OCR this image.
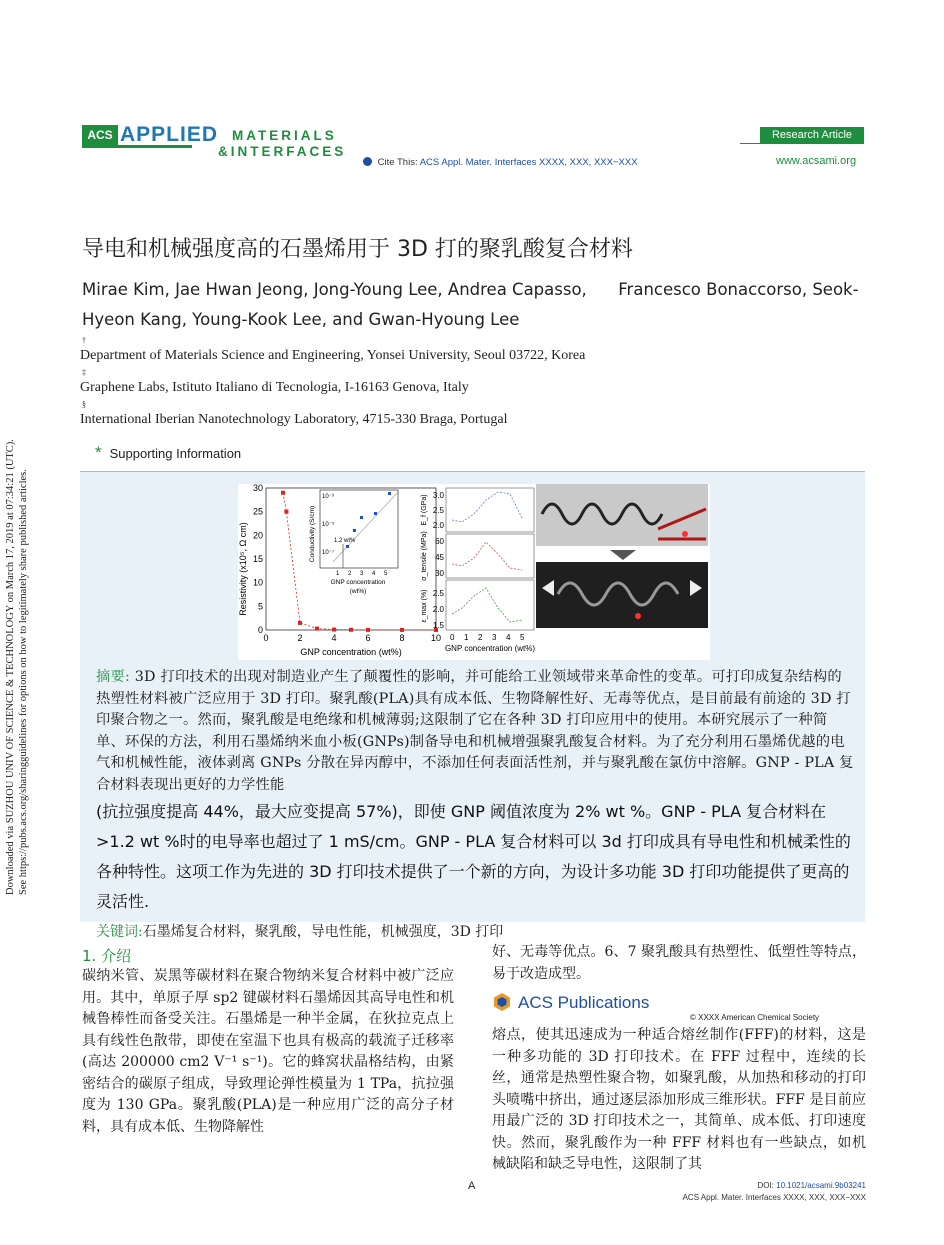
Downloaded via SUZHOU UNIV OF SCIENCE & TECHNOLOGY on March 17, 2019 at 07:34:21 (UTC). See https://pubs.acs.org/sharingguidelines for options on how to legitimately share published articles.
ACS APPLIED MATERIALS
&INTERFACES
Research Article
www.acsami.org
Cite This: ACS Appl. Mater. Interfaces XXXX, XXX, XXX−XXX
导电和机械强度高的石墨烯用于 3D 打的聚乳酸复合材料
Mirae Kim, Jae Hwan Jeong, Jong-Young Lee, Andrea Capasso,      Francesco Bonaccorso, Seok-
Hyeon Kang, Young-Kook Lee, and Gwan-Hyoung Lee
†
Department of Materials Science and Engineering, Yonsei University, Seoul 03722, Korea
‡
Graphene Labs, Istituto Italiano di Tecnologia, I-16163 Genova, Italy
§
International Iberian Nanotechnology Laboratory, 4715-330 Braga, Portugal
* Supporting Information
30
25
20
15
10
5
0
0	2	4	6	8	10
Resistivity (x10⁵, Ω cm)
GNP concentration (wt%)
Conductivity (S/cm)
10⁻³
10⁻⁵
10⁻⁷
1.2 wt%
1 2 3 4 5
GNP concentration
(wt%)
E_f (GPa)
σ_tensile (MPa)
ε_max (%)
3.0
2.5
2.0
60
45
30
2.5
2.0
1.5
0 1 2 3 4 5
GNP concentration (wt%)
摘要: 3D 打印技术的出现对制造业产生了颠覆性的影响，并可能给工业领域带来革命性的变革。可打印成复杂结构的热塑性材料被广泛应用于 3D 打印。聚乳酸(PLA)具有成本低、生物降解性好、无毒等优点，是目前最有前途的 3D 打印聚合物之一。然而，聚乳酸是电绝缘和机械薄弱;这限制了它在各种 3D 打印应用中的使用。本研究展示了一种简单、环保的方法，利用石墨烯纳米血小板(GNPs)制备导电和机械增强聚乳酸复合材料。为了充分利用石墨烯优越的电气和机械性能，液体剥离 GNPs 分散在异丙醇中，不添加任何表面活性剂，并与聚乳酸在氯仿中溶解。GNP - PLA 复合材料表现出更好的力学性能
(抗拉强度提高 44%，最大应变提高 57%)，即使 GNP 阈值浓度为 2% wt %。GNP - PLA 复合材料在>1.2 wt %时的电导率也超过了 1 mS/cm。GNP - PLA 复合材料可以 3d 打印成具有导电性和机械柔性的各种特性。这项工作为先进的 3D 打印技术提供了一个新的方向，为设计多功能 3D 打印功能提供了更高的灵活性.
关键词:石墨烯复合材料，聚乳酸，导电性能，机械强度，3D 打印
1. 介绍
碳纳米管、炭黑等碳材料在聚合物纳米复合材料中被广泛应用。其中，单原子厚 sp2 键碳材料石墨烯因其高导电性和机械鲁棒性而备受关注。石墨烯是一种半金属，在狄拉克点上具有线性色散带，即使在室温下也具有极高的载流子迁移率(高达 200000 cm2 V⁻¹ s⁻¹)。它的蜂窝状晶格结构，由紧密结合的碳原子组成，导致理论弹性模量为 1 TPa，抗拉强度为 130 GPa。聚乳酸(PLA)是一种应用广泛的高分子材料，具有成本低、生物降解性
好、无毒等优点。6、7 聚乳酸具有热塑性、低塑性等特点，易于改造成型。
ACS Publications
© XXXX American Chemical Society
熔点，使其迅速成为一种适合熔丝制作(FFF)的材料，这是一种多功能的 3D 打印技术。在 FFF 过程中，连续的长丝，通常是热塑性聚合物，如聚乳酸，从加热和移动的打印头喷嘴中挤出，通过逐层添加形成三维形状。FFF 是目前应用最广泛的 3D 打印技术之一，其简单、成本低、打印速度快。然而，聚乳酸作为一种 FFF 材料也有一些缺点，如机械缺陷和缺乏导电性，这限制了其
A	DOI: 10.1021/acsami.9b03241
ACS Appl. Mater. Interfaces XXXX, XXX, XXX−XXX
